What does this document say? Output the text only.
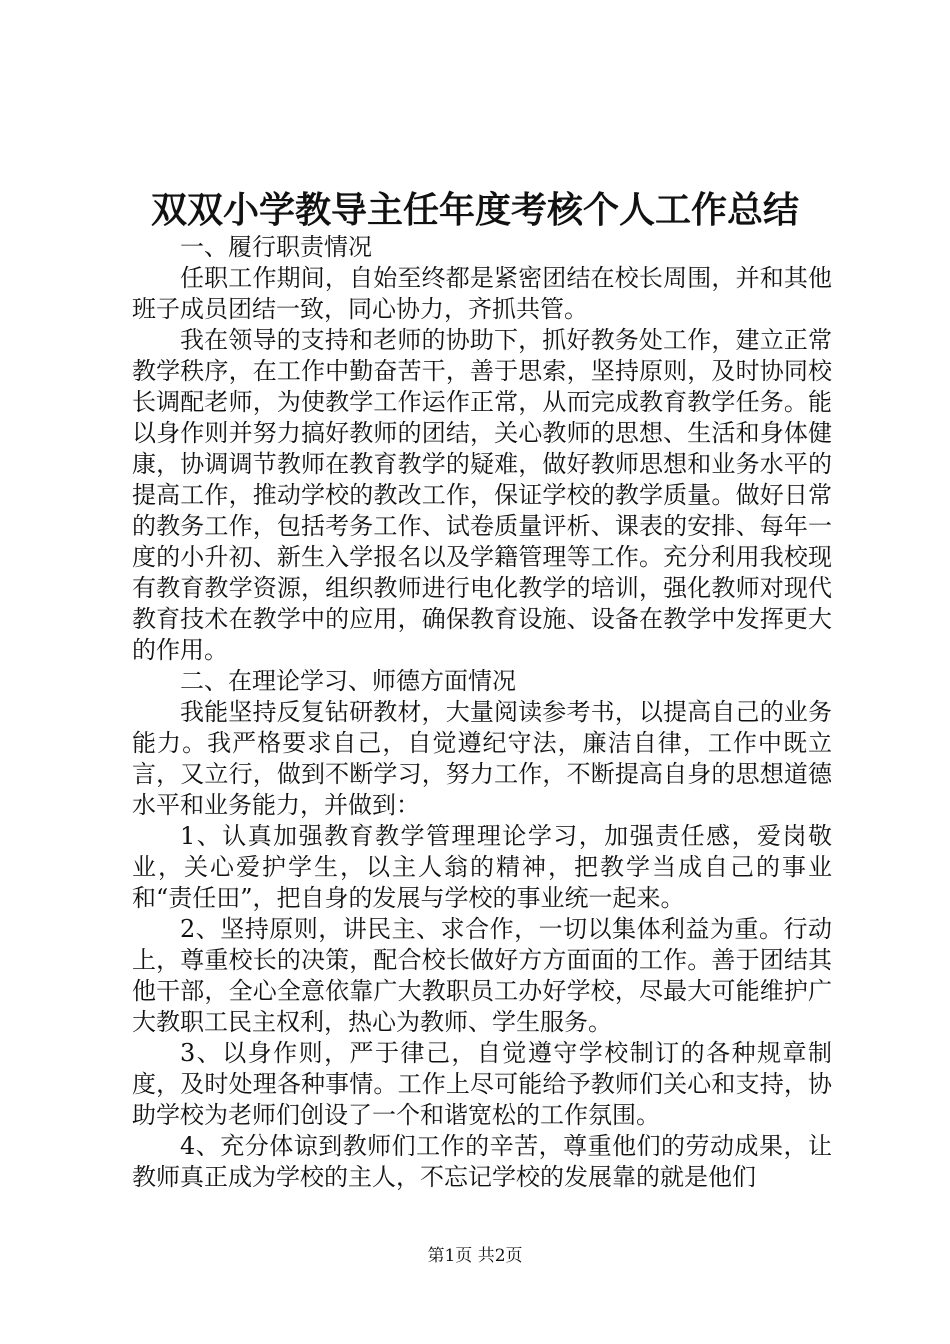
双双小学教导主任年度考核个人工作总结

一、履行职责情况

任职工作期间，自始至终都是紧密团结在校长周围，并和其他班子成员团结一致，同心协力，齐抓共管。

我在领导的支持和老师的协助下，抓好教务处工作，建立正常教学秩序，在工作中勤奋苦干，善于思索，坚持原则，及时协同校长调配老师，为使教学工作运作正常，从而完成教育教学任务。能以身作则并努力搞好教师的团结，关心教师的思想、生活和身体健康，协调调节教师在教育教学的疑难，做好教师思想和业务水平的提高工作，推动学校的教改工作，保证学校的教学质量。做好日常的教务工作，包括考务工作、试卷质量评析、课表的安排、每年一度的小升初、新生入学报名以及学籍管理等工作。充分利用我校现有教育教学资源，组织教师进行电化教学的培训，强化教师对现代教育技术在教学中的应用，确保教育设施、设备在教学中发挥更大的作用。

二、在理论学习、师德方面情况

我能坚持反复钻研教材，大量阅读参考书，以提高自己的业务能力。我严格要求自己，自觉遵纪守法，廉洁自律，工作中既立言，又立行，做到不断学习，努力工作，不断提高自身的思想道德水平和业务能力，并做到：

1、认真加强教育教学管理理论学习，加强责任感，爱岗敬业，关心爱护学生，以主人翁的精神，把教学当成自己的事业和“责任田”，把自身的发展与学校的事业统一起来。

2、坚持原则，讲民主、求合作，一切以集体利益为重。行动上，尊重校长的决策，配合校长做好方方面面的工作。善于团结其他干部，全心全意依靠广大教职员工办好学校，尽最大可能维护广大教职工民主权利，热心为教师、学生服务。

3、以身作则，严于律己，自觉遵守学校制订的各种规章制度，及时处理各种事情。工作上尽可能给予教师们关心和支持，协助学校为老师们创设了一个和谐宽松的工作氛围。

4、充分体谅到教师们工作的辛苦，尊重他们的劳动成果，让教师真正成为学校的主人，不忘记学校的发展靠的就是他们

第1页 共2页
